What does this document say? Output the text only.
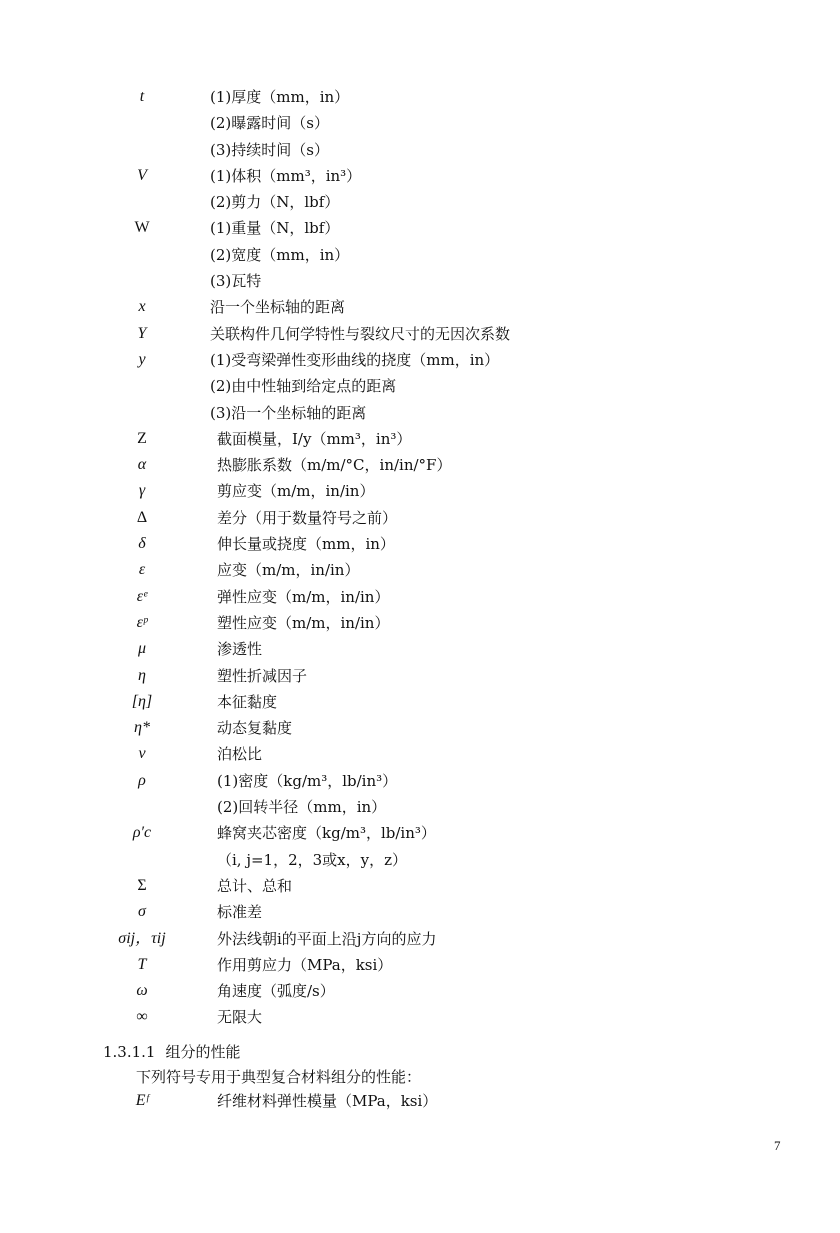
t	(1)厚度（mm，in）
(2)曝露时间（s）
(3)持续时间（s）
V	(1)体积（mm³，in³）
(2)剪力（N，lbf）
W	(1)重量（N，lbf）
(2)宽度（mm，in）
(3)瓦特
x	沿一个坐标轴的距离
Y	关联构件几何学特性与裂纹尺寸的无因次系数
y	(1)受弯梁弹性变形曲线的挠度（mm，in）
(2)由中性轴到给定点的距离
(3)沿一个坐标轴的距离
Z	截面模量，I/y（mm³，in³）
α	热膨胀系数（m/m/°C，in/in/°F）
γ	剪应变（m/m，in/in）
Δ	差分（用于数量符号之前）
δ	伸长量或挠度（mm，in）
ε	应变（m/m，in/in）
εᵉ	弹性应变（m/m，in/in）
εᵖ	塑性应变（m/m，in/in）
μ	渗透性
η	塑性折减因子
[η]	本征黏度
η*	动态复黏度
ν	泊松比
ρ	(1)密度（kg/m³，lb/in³）
(2)回转半径（mm，in）
ρ′c	蜂窝夹芯密度（kg/m³，lb/in³）
（i, j=1，2，3或x，y，z）
Σ	总计、总和
σ	标准差
σij，τij	外法线朝i的平面上沿j方向的应力
T	作用剪应力（MPa，ksi）
ω	角速度（弧度/s）
∞	无限大
1.3.1.1 组分的性能
下列符号专用于典型复合材料组分的性能：
Eᶠ	纤维材料弹性模量（MPa，ksi）
7
